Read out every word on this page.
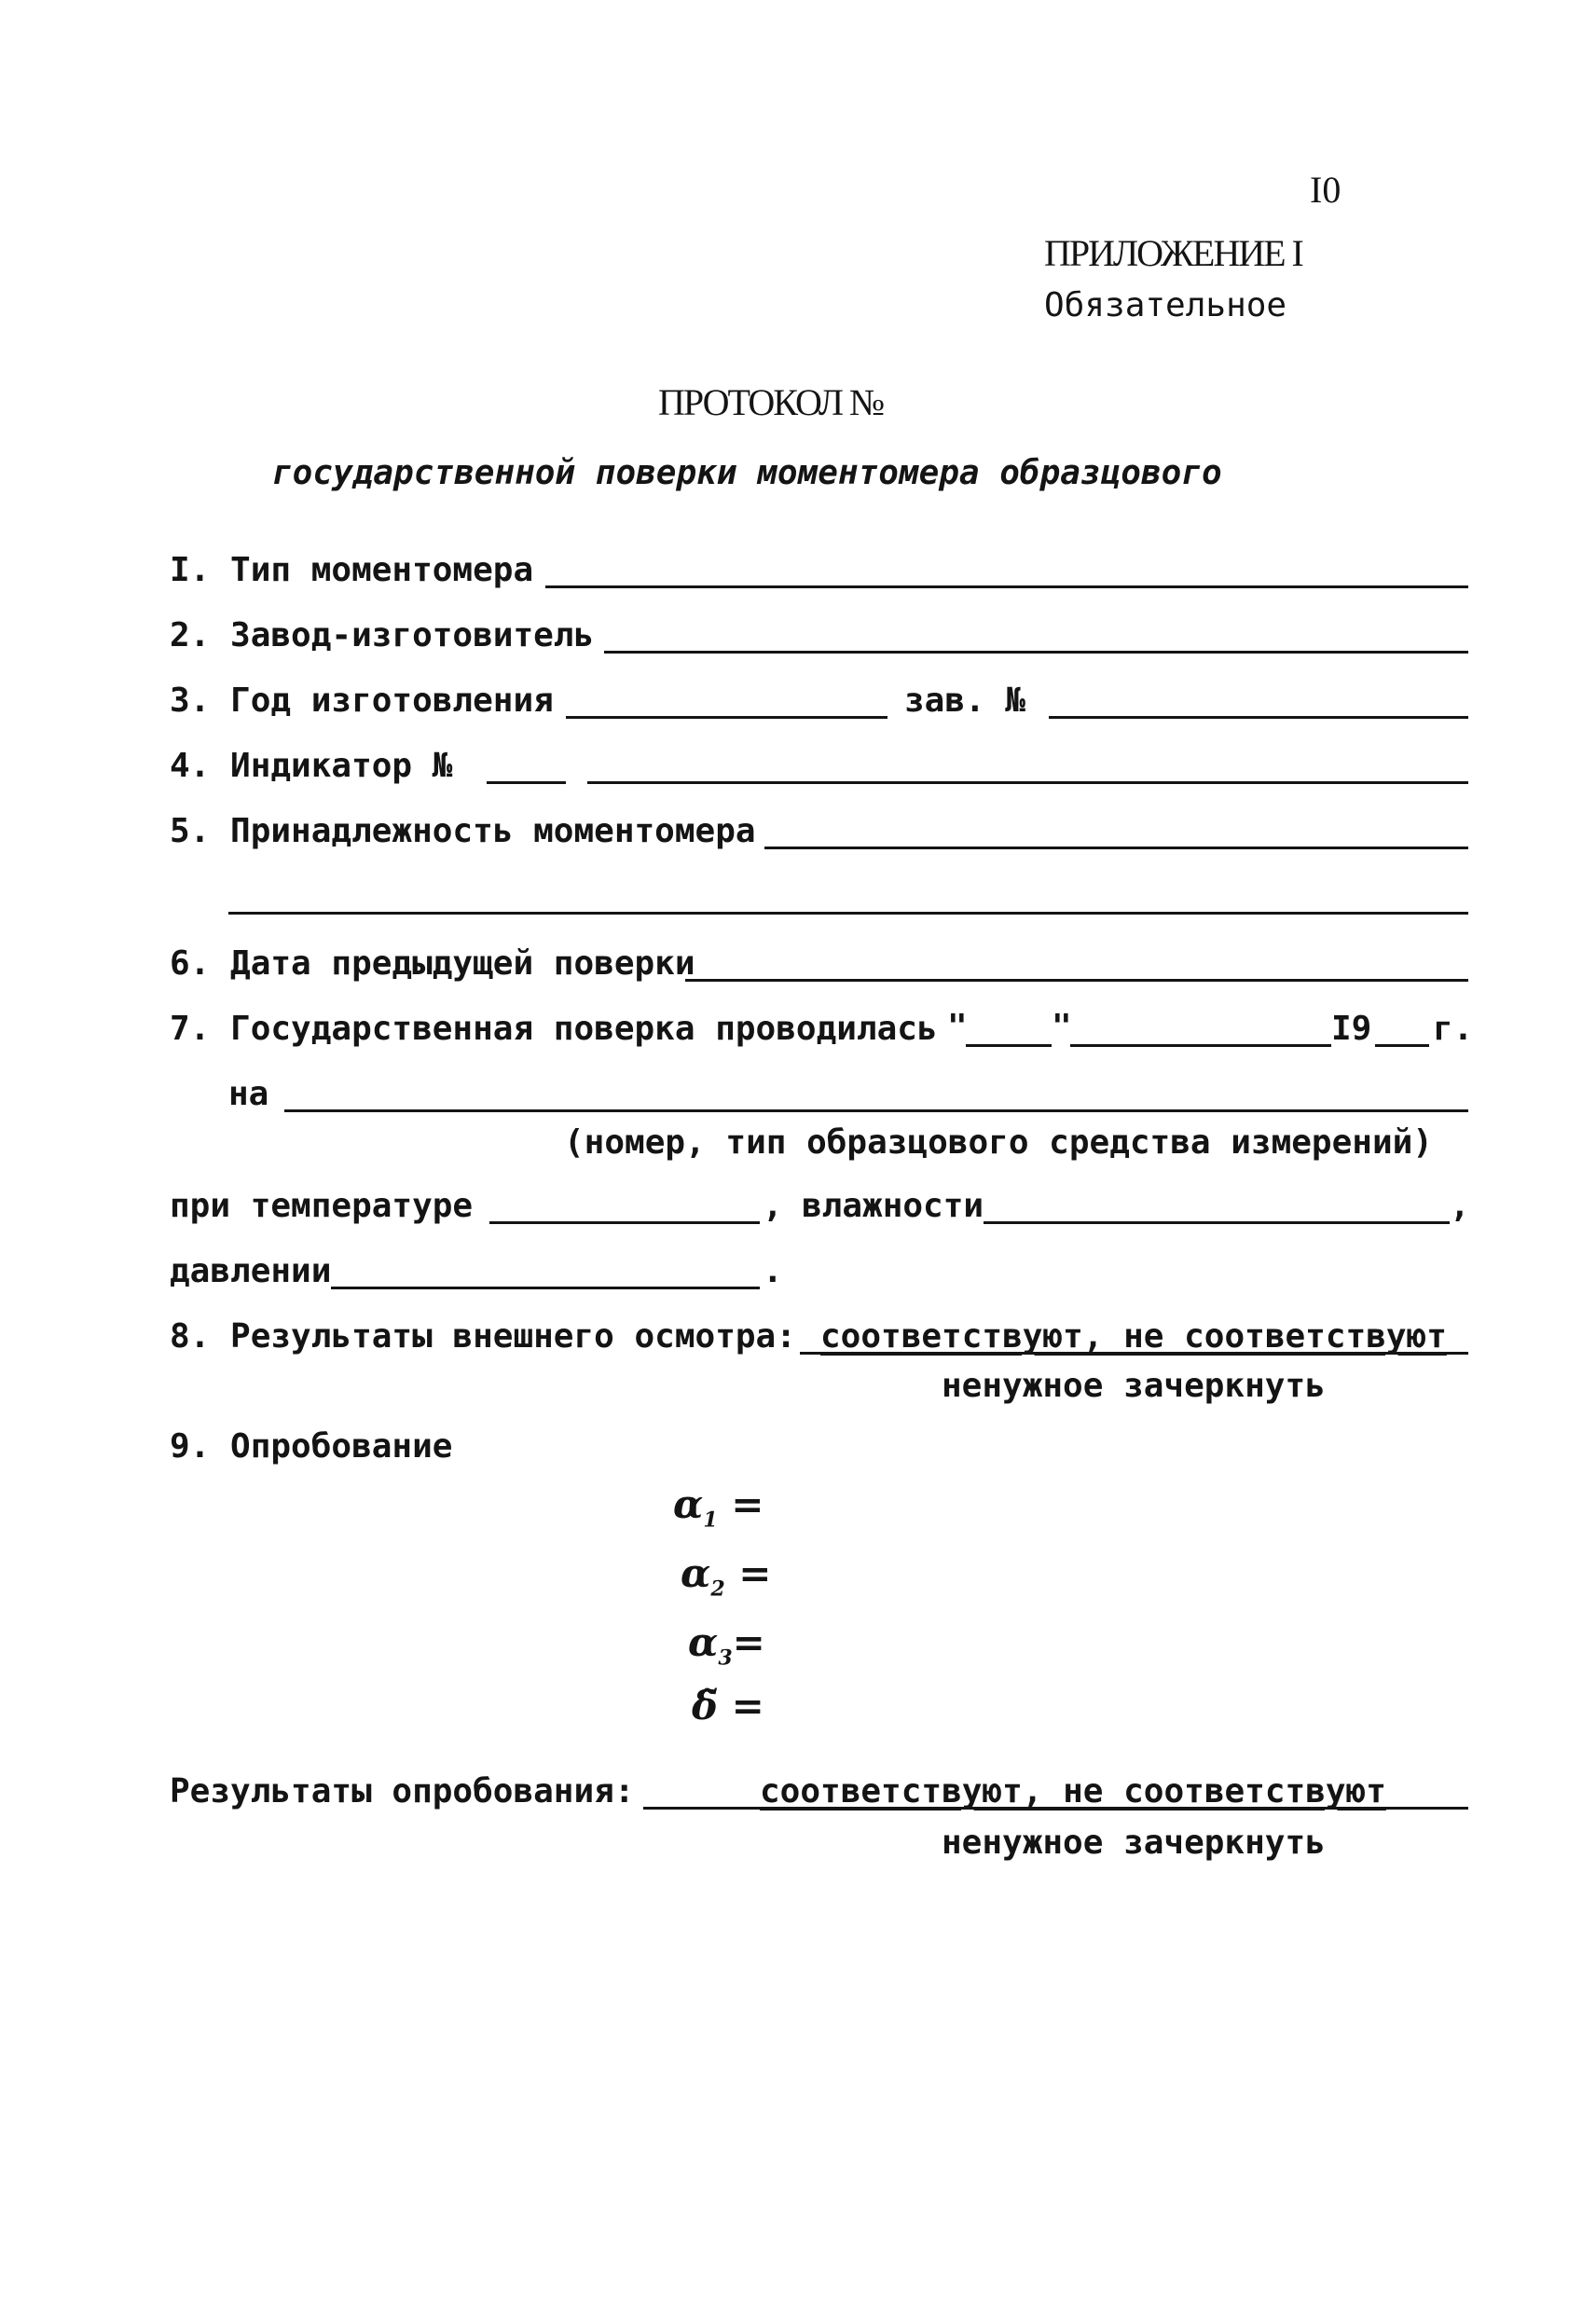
I0
ПРИЛОЖЕНИЕ I
Обязательное
ПРОТОКОЛ №
государственной поверки моментомера образцового
I. Тип моментомера
2. Завод-изготовитель
3. Год изготовления	зав. №
4. Индикатор №
5. Принадлежность моментомера
6. Дата предыдущей поверки
7. Государственная поверка проводилась "	"	I9 г.
на
(номер, тип образцового средства измерений)
при температуре	, влажности	,
давлении	.
8. Результаты внешнего осмотра: соответствуют, не соответствуют
ненужное зачеркнуть
9. Опробование
$\alpha_1$ =
$\alpha_2$ =
$\alpha_3=$
δ̃ =
Результаты опробования:	соответствуют, не соответствуют
ненужное зачеркнуть
